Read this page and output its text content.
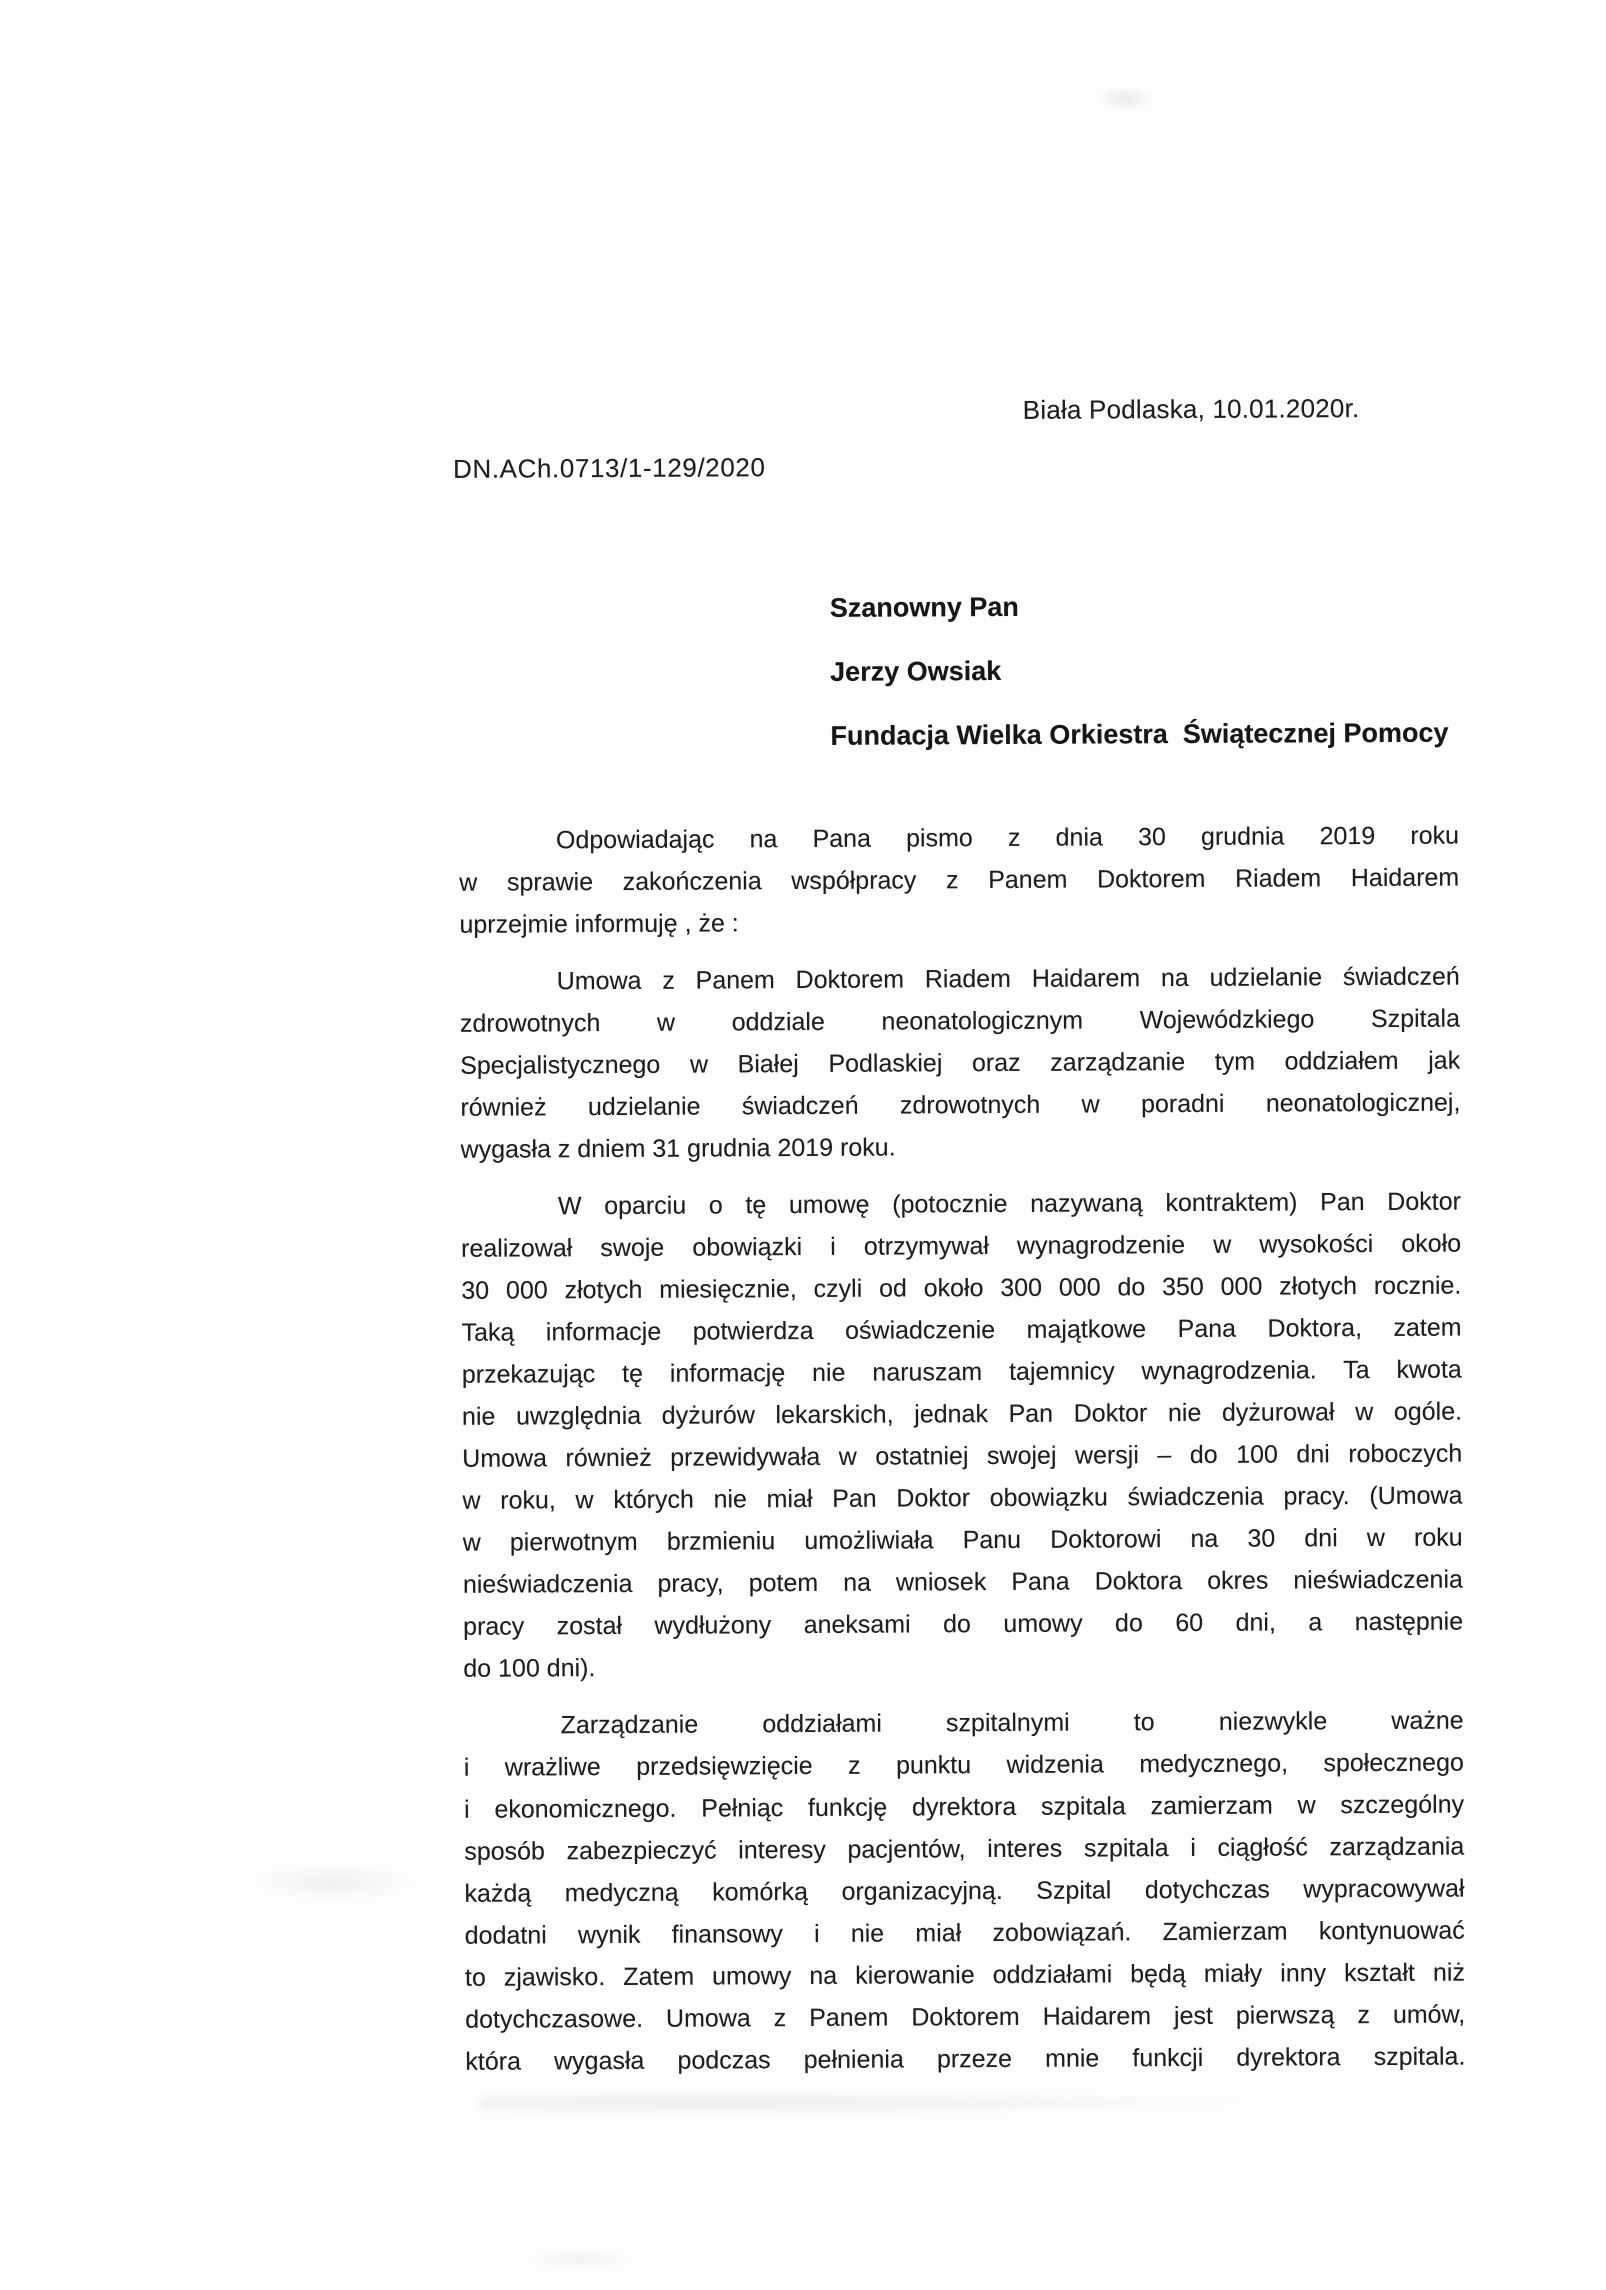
Biała Podlaska, 10.01.2020r.
DN.ACh.0713/1-129/2020
Szanowny Pan
Jerzy Owsiak
Fundacja Wielka Orkiestra  Świątecznej Pomocy
Odpowiadając na Pana pismo z dnia 30 grudnia 2019 roku
w sprawie zakończenia współpracy z Panem Doktorem Riadem Haidarem
uprzejmie informuję , że :
Umowa z Panem Doktorem Riadem Haidarem na udzielanie świadczeń
zdrowotnych w oddziale neonatologicznym Wojewódzkiego Szpitala
Specjalistycznego w Białej Podlaskiej oraz zarządzanie tym oddziałem jak
również udzielanie świadczeń zdrowotnych w poradni neonatologicznej,
wygasła z dniem 31 grudnia 2019 roku.
W oparciu o tę umowę (potocznie nazywaną kontraktem) Pan Doktor
realizował swoje obowiązki i otrzymywał wynagrodzenie w wysokości około
30 000 złotych miesięcznie, czyli od około 300 000 do 350 000 złotych rocznie.
Taką informacje potwierdza oświadczenie majątkowe Pana Doktora, zatem
przekazując tę informację nie naruszam tajemnicy wynagrodzenia. Ta kwota
nie uwzględnia dyżurów lekarskich, jednak Pan Doktor nie dyżurował w ogóle.
Umowa również przewidywała w ostatniej swojej wersji – do 100 dni roboczych
w roku, w których nie miał Pan Doktor obowiązku świadczenia pracy. (Umowa
w pierwotnym brzmieniu umożliwiała Panu Doktorowi na 30 dni w roku
nieświadczenia pracy, potem na wniosek Pana Doktora okres nieświadczenia
pracy został wydłużony aneksami do umowy do 60 dni, a następnie
do 100 dni).
Zarządzanie oddziałami szpitalnymi to niezwykle ważne
i wrażliwe przedsięwzięcie z punktu widzenia medycznego, społecznego
i ekonomicznego. Pełniąc funkcję dyrektora szpitala zamierzam w szczególny
sposób zabezpieczyć interesy pacjentów, interes szpitala i ciągłość zarządzania
każdą medyczną komórką organizacyjną. Szpital dotychczas wypracowywał
dodatni wynik finansowy i nie miał zobowiązań. Zamierzam kontynuować
to zjawisko. Zatem umowy na kierowanie oddziałami będą miały inny kształt niż
dotychczasowe. Umowa z Panem Doktorem Haidarem jest pierwszą z umów,
która wygasła podczas pełnienia przeze mnie funkcji dyrektora szpitala.
